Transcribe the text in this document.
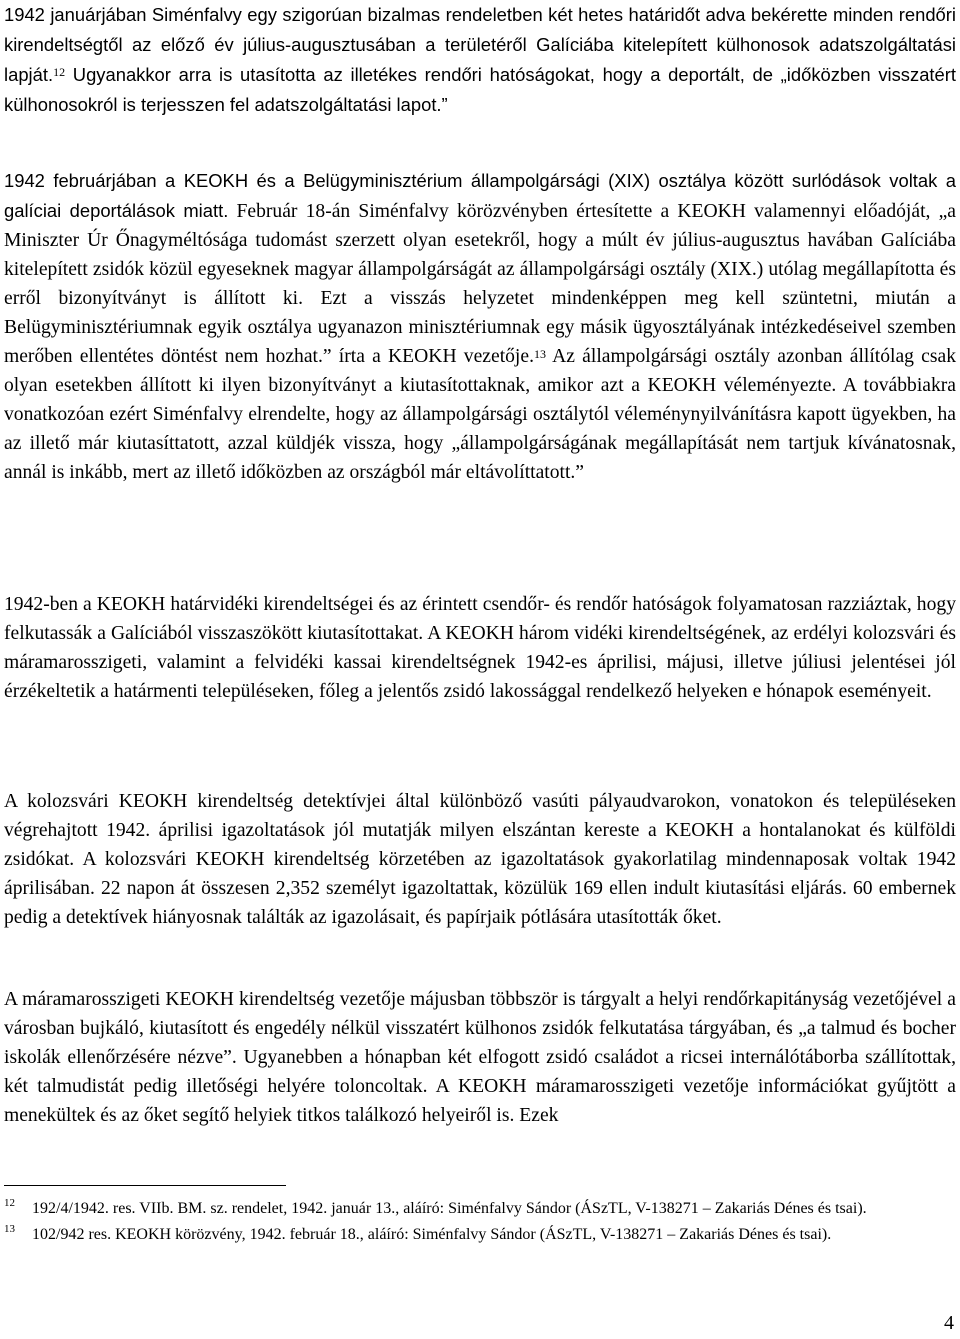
1942 januárjában Siménfalvy egy szigorúan bizalmas rendeletben két hetes határidőt adva bekérette minden rendőri kirendeltségtől az előző év július-augusztusában a területéről Galíciába kitelepített külhonosok adatszolgáltatási lapját.$^{12}$ Ugyanakkor arra is utasította az illetékes rendőri hatóságokat, hogy a deportált, de „időközben visszatért külhonosokról is terjesszen fel adatszolgáltatási lapot.”

1942 februárjában a KEOKH és a Belügyminisztérium állampolgársági (XIX) osztálya között surlódások voltak a galíciai deportálások miatt. Február 18-án Siménfalvy körözvényben értesítette a KEOKH valamennyi előadóját, „a Miniszter Úr Őnagyméltósága tudomást szerzett olyan esetekről, hogy a múlt év július-augusztus havában Galíciába kitelepített zsidók közül egyeseknek magyar állampolgárságát az állampolgársági osztály (XIX.) utólag megállapította és erről bizonyítványt is állított ki. Ezt a visszás helyzetet mindenképpen meg kell szüntetni, miután a Belügyminisztériumnak egyik osztálya ugyanazon minisztériumnak egy másik ügyosztályának intézkedéseivel szemben merőben ellentétes döntést nem hozhat.” írta a KEOKH vezetője.$^{13}$ Az állampolgársági osztály azonban állítólag csak olyan esetekben állított ki ilyen bizonyítványt a kiutasítottaknak, amikor azt a KEOKH véleményezte. A továbbiakra vonatkozóan ezért Siménfalvy elrendelte, hogy az állampolgársági osztálytól véleménynyilvánításra kapott ügyekben, ha az illető már kiutasíttatott, azzal küldjék vissza, hogy „állampolgárságának megállapítását nem tartjuk kívánatosnak, annál is inkább, mert az illető időközben az országból már eltávolíttatott.”

1942-ben a KEOKH határvidéki kirendeltségei és az érintett csendőr- és rendőr hatóságok folyamatosan razziáztak, hogy felkutassák a Galíciából visszaszökött kiutasítottakat. A KEOKH három vidéki kirendeltségének, az erdélyi kolozsvári és máramarosszigeti, valamint a felvidéki kassai kirendeltségnek 1942-es áprilisi, májusi, illetve júliusi jelentései jól érzékeltetik a határmenti településeken, főleg a jelentős zsidó lakossággal rendelkező helyeken e hónapok eseményeit.

A kolozsvári KEOKH kirendeltség detektívjei által különböző vasúti pályaudvarokon, vonatokon és településeken végrehajtott 1942. áprilisi igazoltatások jól mutatják milyen elszántan kereste a KEOKH a hontalanokat és külföldi zsidókat. A kolozsvári KEOKH kirendeltség körzetében az igazoltatások gyakorlatilag mindennaposak voltak 1942 áprilisában. 22 napon át összesen 2,352 személyt igazoltattak, közülük 169 ellen indult kiutasítási eljárás. 60 embernek pedig a detektívek hiányosnak találták az igazolásait, és papírjaik pótlására utasították őket.

A máramarosszigeti KEOKH kirendeltség vezetője májusban többször is tárgyalt a helyi rendőrkapitányság vezetőjével a városban bujkáló, kiutasított és engedély nélkül visszatért külhonos zsidók felkutatása tárgyában, és „a talmud és bocher iskolák ellenőrzésére nézve”. Ugyanebben a hónapban két elfogott zsidó családot a ricsei internálótáborba szállítottak, két talmudistát pedig illetőségi helyére toloncoltak. A KEOKH máramarosszigeti vezetője információkat gyűjtött a menekültek és az őket segítő helyiek titkos találkozó helyeiről is. Ezek

12 192/4/1942. res. VIIb. BM. sz. rendelet, 1942. január 13., aláíró: Siménfalvy Sándor (ÁSzTL, V-138271 – Zakariás Dénes és tsai).

13 102/942 res. KEOKH körözvény, 1942. február 18., aláíró: Siménfalvy Sándor (ÁSzTL, V-138271 – Zakariás Dénes és tsai).

4
